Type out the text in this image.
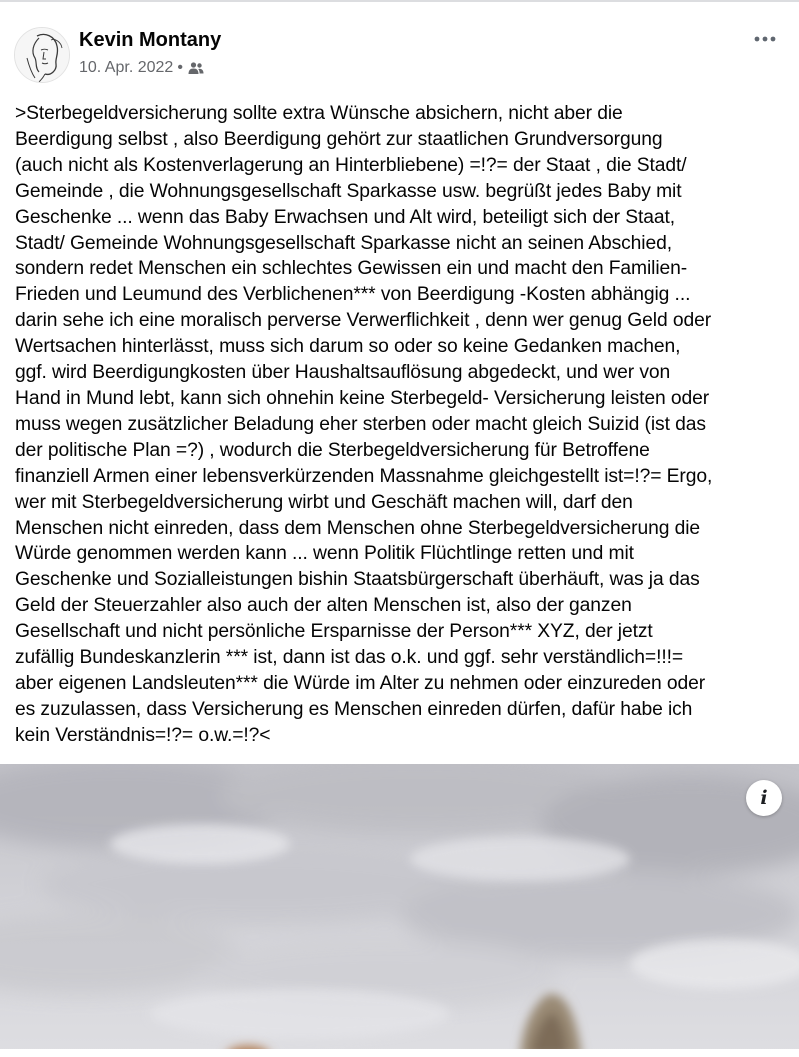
Kevin Montany
10. Apr. 2022 •

>Sterbegeldversicherung sollte extra Wünsche absichern, nicht aber die
Beerdigung selbst , also Beerdigung gehört zur staatlichen Grundversorgung
(auch nicht als Kostenverlagerung an Hinterbliebene) =!?= der Staat , die Stadt/
Gemeinde , die Wohnungsgesellschaft Sparkasse usw. begrüßt jedes Baby mit
Geschenke ... wenn das Baby Erwachsen und Alt wird, beteiligt sich der Staat,
Stadt/ Gemeinde Wohnungsgesellschaft Sparkasse nicht an seinen Abschied,
sondern redet Menschen ein schlechtes Gewissen ein und macht den Familien-
Frieden und Leumund des Verblichenen*** von Beerdigung -Kosten abhängig ...
darin sehe ich eine moralisch perverse Verwerflichkeit , denn wer genug Geld oder
Wertsachen hinterlässt, muss sich darum so oder so keine Gedanken machen,
ggf. wird Beerdigungkosten über Haushaltsauflösung abgedeckt, und wer von
Hand in Mund lebt, kann sich ohnehin keine Sterbegeld- Versicherung leisten oder
muss wegen zusätzlicher Beladung eher sterben oder macht gleich Suizid (ist das
der politische Plan =?) , wodurch die Sterbegeldversicherung für Betroffene
finanziell Armen einer lebensverkürzenden Massnahme gleichgestellt ist=!?= Ergo,
wer mit Sterbegeldversicherung wirbt und Geschäft machen will, darf den
Menschen nicht einreden, dass dem Menschen ohne Sterbegeldversicherung die
Würde genommen werden kann ... wenn Politik Flüchtlinge retten und mit
Geschenke und Sozialleistungen bishin Staatsbürgerschaft überhäuft, was ja das
Geld der Steuerzahler also auch der alten Menschen ist, also der ganzen
Gesellschaft und nicht persönliche Ersparnisse der Person*** XYZ, der jetzt
zufällig Bundeskanzlerin *** ist, dann ist das o.k. und ggf. sehr verständlich=!!!=
aber eigenen Landsleuten*** die Würde im Alter zu nehmen oder einzureden oder
es zuzulassen, dass Versicherung es Menschen einreden dürfen, dafür habe ich
kein Verständnis=!?= o.w.=!?<

i
